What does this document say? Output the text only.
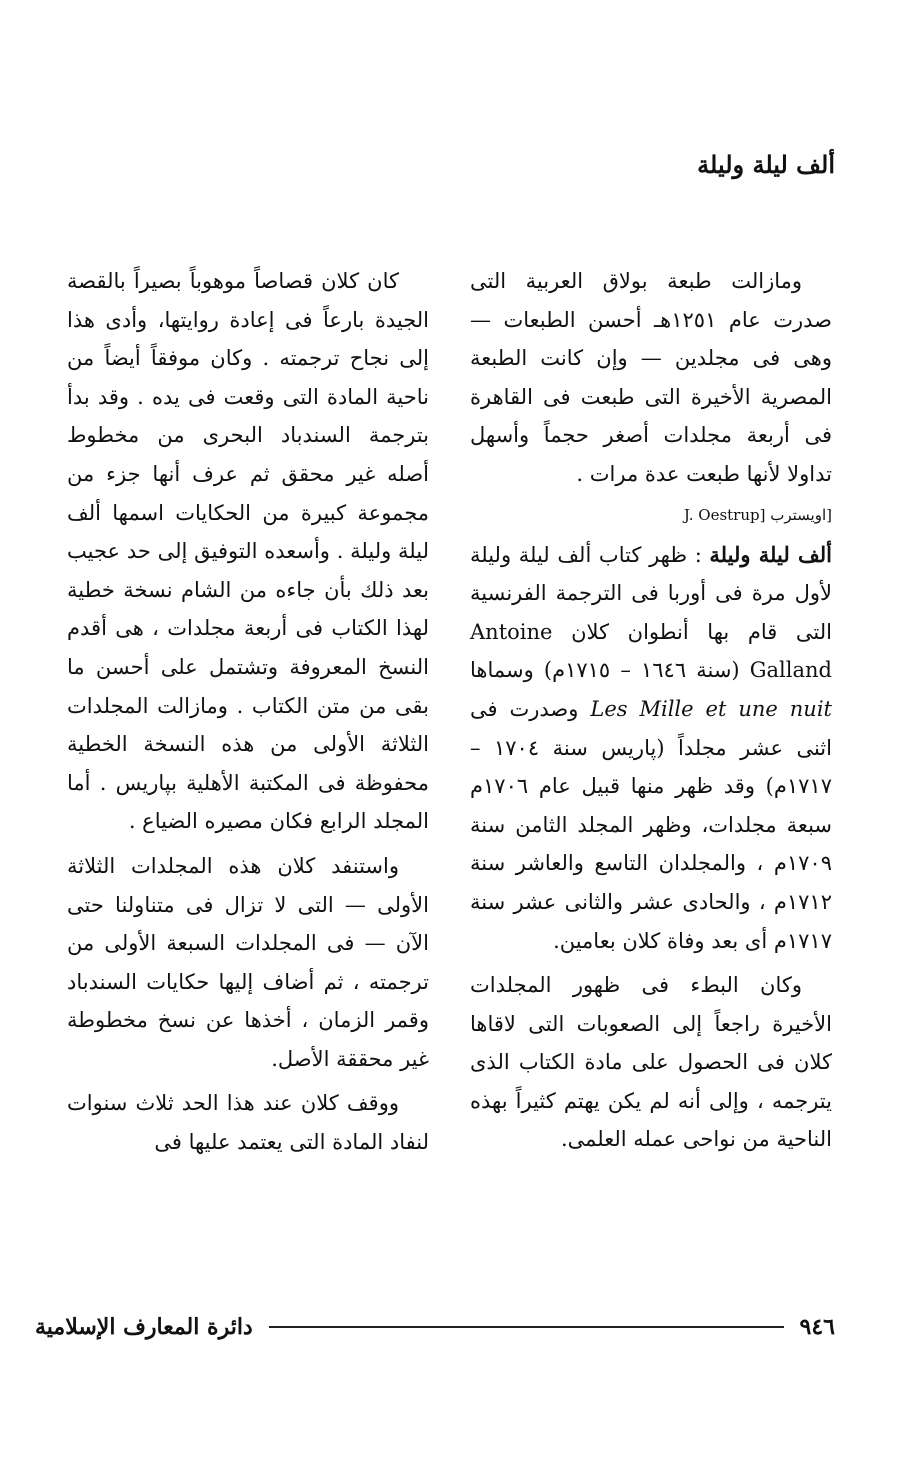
ألف ليلة وليلة

ومازالت طبعة بولاق العربية التى صدرت عام ١٢٥١هـ أحسن الطبعات — وهى فى مجلدين — وإن كانت الطبعة المصرية الأخيرة التى طبعت فى القاهرة فى أربعة مجلدات أصغر حجماً وأسهل تداولا لأنها طبعت عدة مرات .

[اويسترب J. Oestrup]

ألف ليلة وليلة : ظهر كتاب ألف ليلة وليلة لأول مرة فى أوربا فى الترجمة الفرنسية التى قام بها أنطوان كلان Antoine Galland (سنة ١٦٤٦ – ١٧١٥م) وسماها Les Mille et une nuit وصدرت فى اثنى عشر مجلداً (پاريس سنة ١٧٠٤ – ١٧١٧م) وقد ظهر منها قبيل عام ١٧٠٦م سبعة مجلدات، وظهر المجلد الثامن سنة ١٧٠٩م ، والمجلدان التاسع والعاشر سنة ١٧١٢م ، والحادى عشر والثانى عشر سنة ١٧١٧م أى بعد وفاة كلان بعامين.

وكان البطء فى ظهور المجلدات الأخيرة راجعاً إلى الصعوبات التى لاقاها كلان فى الحصول على مادة الكتاب الذى يترجمه ، وإلى أنه لم يكن يهتم كثيراً بهذه الناحية من نواحى عمله العلمى.

كان كلان قصاصاً موهوباً بصيراً بالقصة الجيدة بارعاً فى إعادة روايتها، وأدى هذا إلى نجاح ترجمته . وكان موفقاً أيضاً من ناحية المادة التى وقعت فى يده . وقد بدأ بترجمة السندباد البحرى من مخطوط أصله غير محقق ثم عرف أنها جزء من مجموعة كبيرة من الحكايات اسمها ألف ليلة وليلة . وأسعده التوفيق إلى حد عجيب بعد ذلك بأن جاءه من الشام نسخة خطية لهذا الكتاب فى أربعة مجلدات ، هى أقدم النسخ المعروفة وتشتمل على أحسن ما بقى من متن الكتاب . ومازالت المجلدات الثلاثة الأولى من هذه النسخة الخطية محفوظة فى المكتبة الأهلية بپاريس . أما المجلد الرابع فكان مصيره الضياع .

واستنفد كلان هذه المجلدات الثلاثة الأولى — التى لا تزال فى متناولنا حتى الآن — فى المجلدات السبعة الأولى من ترجمته ، ثم أضاف إليها حكايات السندباد وقمر الزمان ، أخذها عن نسخ مخطوطة غير محققة الأصل.

ووقف كلان عند هذا الحد ثلاث سنوات لنفاد المادة التى يعتمد عليها فى

٩٤٦
دائرة المعارف الإسلامية
